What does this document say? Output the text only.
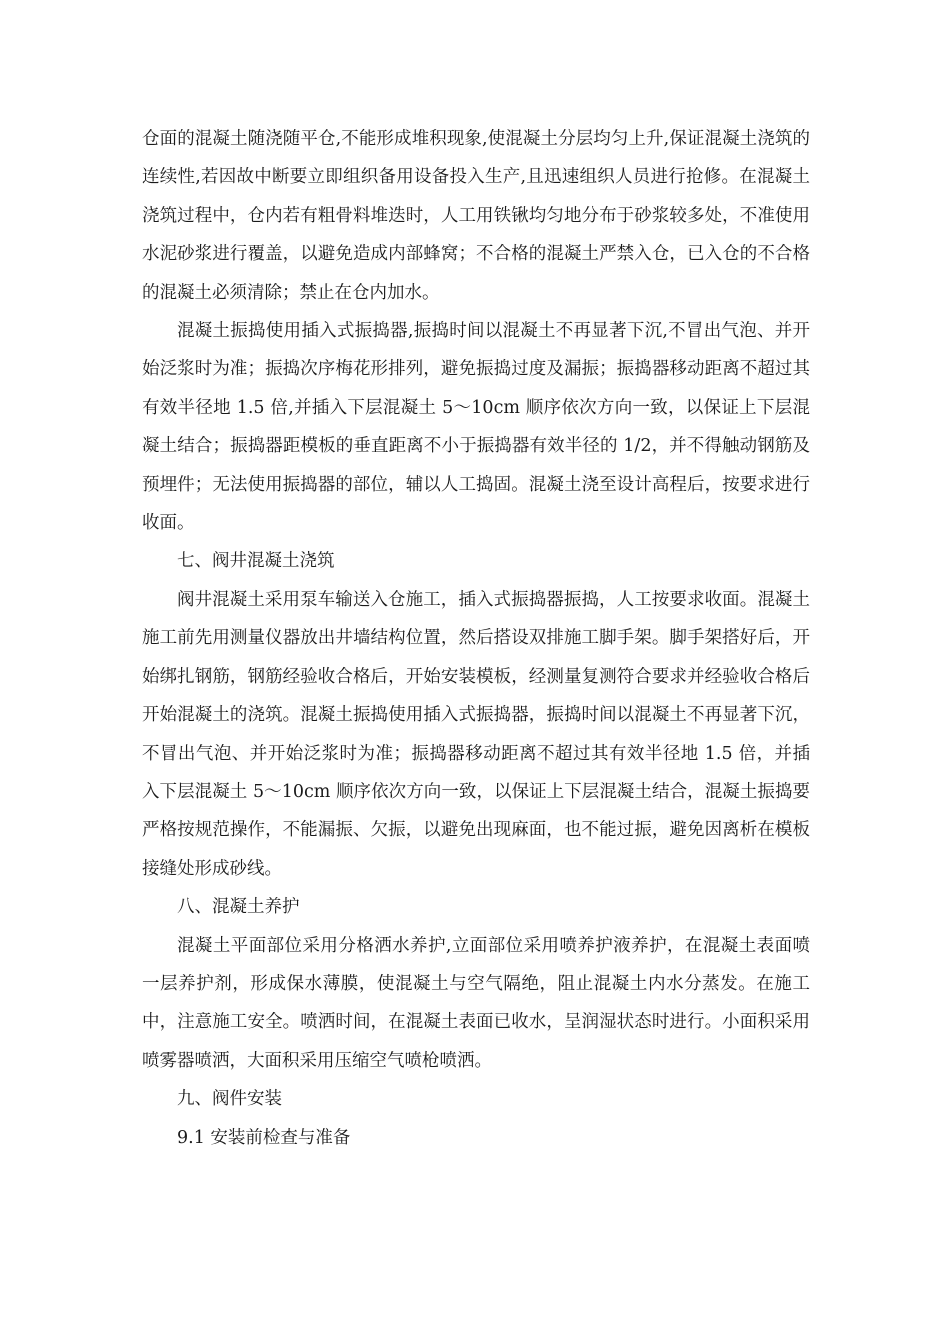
仓面的混凝土随浇随平仓,不能形成堆积现象,使混凝土分层均匀上升,保证混凝土浇筑的连续性,若因故中断要立即组织备用设备投入生产,且迅速组织人员进行抢修。在混凝土浇筑过程中，仓内若有粗骨料堆迭时，人工用铁锹均匀地分布于砂浆较多处，不准使用水泥砂浆进行覆盖，以避免造成内部蜂窝；不合格的混凝土严禁入仓，已入仓的不合格的混凝土必须清除；禁止在仓内加水。

混凝土振捣使用插入式振捣器,振捣时间以混凝土不再显著下沉,不冒出气泡、并开始泛浆时为准；振捣次序梅花形排列，避免振捣过度及漏振；振捣器移动距离不超过其有效半径地 1.5 倍,并插入下层混凝土 5～10cm 顺序依次方向一致，以保证上下层混凝土结合；振捣器距模板的垂直距离不小于振捣器有效半径的 1/2，并不得触动钢筋及预埋件；无法使用振捣器的部位，辅以人工捣固。混凝土浇至设计高程后，按要求进行收面。

七、阀井混凝土浇筑

阀井混凝土采用泵车输送入仓施工，插入式振捣器振捣，人工按要求收面。混凝土施工前先用测量仪器放出井墙结构位置，然后搭设双排施工脚手架。脚手架搭好后，开始绑扎钢筋，钢筋经验收合格后，开始安装模板，经测量复测符合要求并经验收合格后开始混凝土的浇筑。混凝土振捣使用插入式振捣器，振捣时间以混凝土不再显著下沉，不冒出气泡、并开始泛浆时为准；振捣器移动距离不超过其有效半径地 1.5 倍，并插入下层混凝土 5～10cm 顺序依次方向一致，以保证上下层混凝土结合，混凝土振捣要严格按规范操作，不能漏振、欠振，以避免出现麻面，也不能过振，避免因离析在模板接缝处形成砂线。

八、混凝土养护

混凝土平面部位采用分格洒水养护,立面部位采用喷养护液养护，在混凝土表面喷一层养护剂，形成保水薄膜，使混凝土与空气隔绝，阻止混凝土内水分蒸发。在施工中，注意施工安全。喷洒时间，在混凝土表面已收水，呈润湿状态时进行。小面积采用喷雾器喷洒，大面积采用压缩空气喷枪喷洒。

九、阀件安装

9.1 安装前检查与准备
